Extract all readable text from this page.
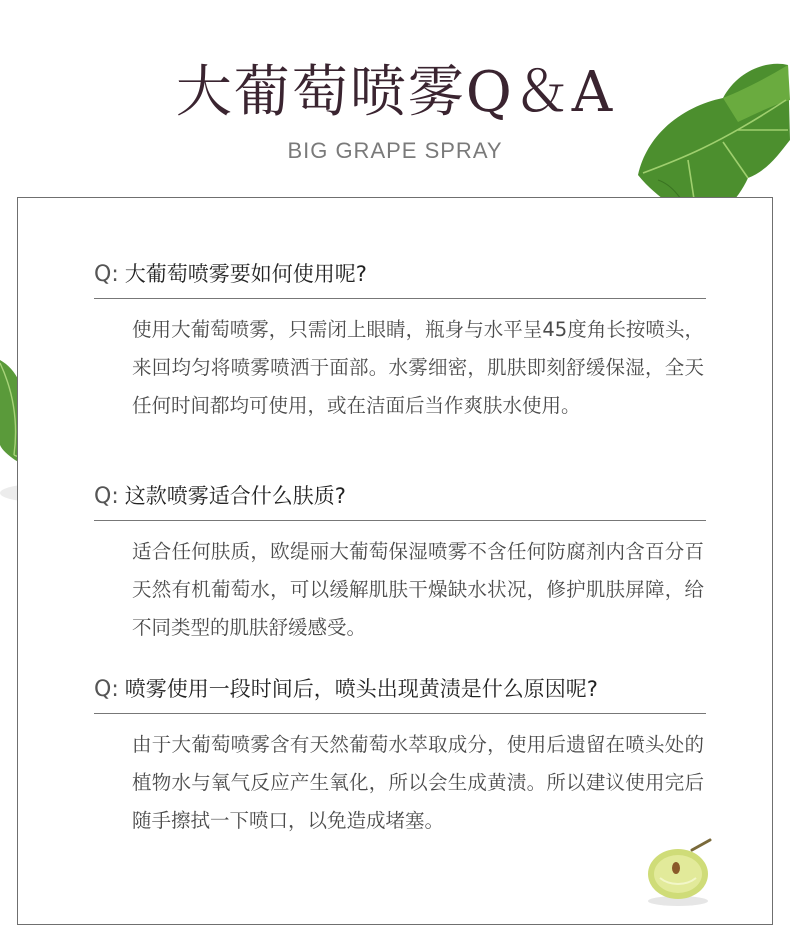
大葡萄喷雾Q＆A
BIG GRAPE SPRAY
Q: 大葡萄喷雾要如何使用呢?
使用大葡萄喷雾，只需闭上眼睛，瓶身与水平呈45度角长按喷头，来回均匀将喷雾喷洒于面部。水雾细密，肌肤即刻舒缓保湿，全天任何时间都均可使用，或在洁面后当作爽肤水使用。
Q: 这款喷雾适合什么肤质?
适合任何肤质，欧缇丽大葡萄保湿喷雾不含任何防腐剂内含百分百天然有机葡萄水，可以缓解肌肤干燥缺水状况，修护肌肤屏障，给不同类型的肌肤舒缓感受。
Q: 喷雾使用一段时间后，喷头出现黄渍是什么原因呢?
由于大葡萄喷雾含有天然葡萄水萃取成分，使用后遗留在喷头处的植物水与氧气反应产生氧化，所以会生成黄渍。所以建议使用完后随手擦拭一下喷口，以免造成堵塞。
